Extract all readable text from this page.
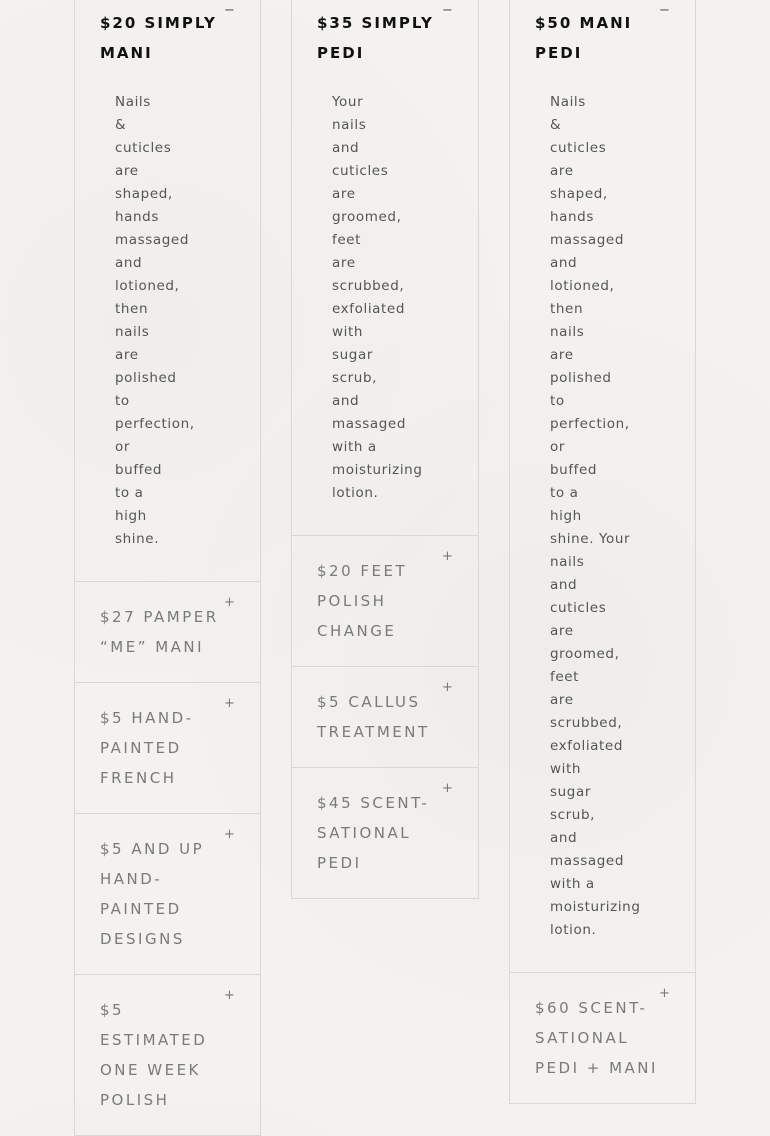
$20 SIMPLY
MANI
−
Nails
&
cuticles
are
shaped,
hands
massaged
and
lotioned,
then
nails
are
polished
to
perfection,
or
buffed
to a
high
shine.
$27 PAMPER
“ME” MANI
+
$5 HAND-
PAINTED
FRENCH
+
$5 AND UP
HAND-
PAINTED
DESIGNS
+
$5 ESTIMATED
ONE WEEK
POLISH
+
$35 SIMPLY
PEDI
−
Your
nails
and
cuticles
are
groomed,
feet
are
scrubbed,
exfoliated
with
sugar
scrub,
and
massaged
with a
moisturizing
lotion.
$20 FEET
POLISH
CHANGE
+
$5 CALLUS
TREATMENT
+
$45 SCENT-
SATIONAL
PEDI
+
$50 MANI
PEDI
−
Nails
&
cuticles
are
shaped,
hands
massaged
and
lotioned,
then
nails
are
polished
to
perfection,
or
buffed
to a
high
shine. Your
nails
and
cuticles
are
groomed,
feet
are
scrubbed,
exfoliated
with
sugar
scrub,
and
massaged
with a
moisturizing
lotion.
$60 SCENT-
SATIONAL
PEDI + MANI
+
